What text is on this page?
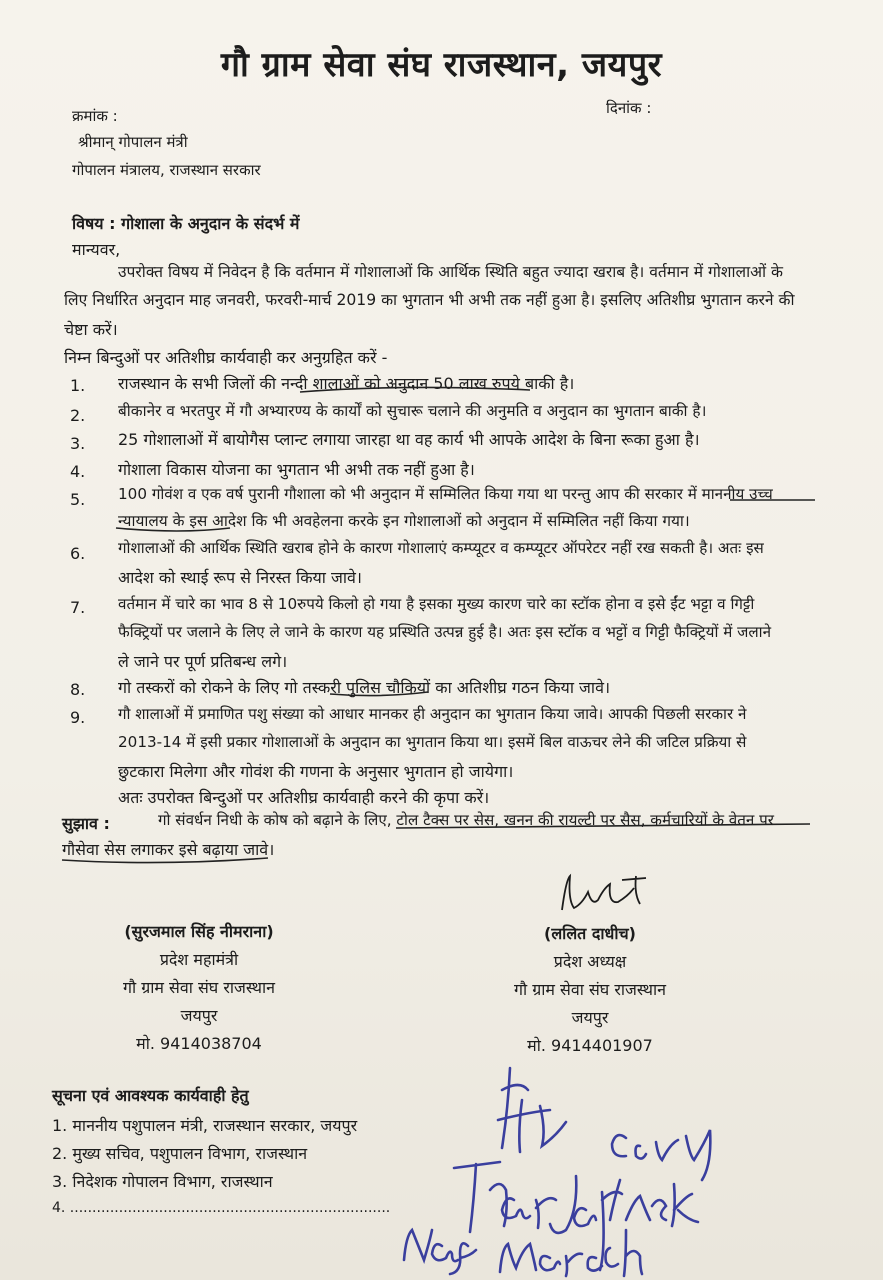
गौ ग्राम सेवा संघ राजस्थान, जयपुर
क्रमांक :	दिनांक :
श्रीमान् गोपालन मंत्री
गोपालन मंत्रालय, राजस्थान सरकार
विषय : गोशाला के अनुदान के संदर्भ में
मान्यवर,
उपरोक्त विषय में निवेदन है कि वर्तमान में गोशालाओं कि आर्थिक स्थिति बहुत ज्यादा खराब है। वर्तमान में गोशालाओं के
लिए निर्धारित अनुदान माह जनवरी, फरवरी-मार्च 2019 का भुगतान भी अभी तक नहीं हुआ है। इसलिए अतिशीघ्र भुगतान करने की
चेष्टा करें।
निम्न बिन्दुओं पर अतिशीघ्र कार्यवाही कर अनुग्रहित करें -
1. राजस्थान के सभी जिलों की नन्दी शालाओं को अनुदान 50 लाख रुपये बाकी है।
2. बीकानेर व भरतपुर में गौ अभ्यारण्य के कार्यों को सुचारू चलाने की अनुमति व अनुदान का भुगतान बाकी है।
3. 25 गोशालाओं में बायोगैस प्लान्ट लगाया जारहा था वह कार्य भी आपके आदेश के बिना रूका हुआ है।
4. गोशाला विकास योजना का भुगतान भी अभी तक नहीं हुआ है।
5. 100 गोवंश व एक वर्ष पुरानी गौशाला को भी अनुदान में सम्मिलित किया गया था परन्तु आप की सरकार में माननीय उच्च
न्यायालय के इस आदेश कि भी अवहेलना करके इन गोशालाओं को अनुदान में सम्मिलित नहीं किया गया।
6. गोशालाओं की आर्थिक स्थिति खराब होने के कारण गोशालाएं कम्प्यूटर व कम्प्यूटर ऑपरेटर नहीं रख सकती है। अतः इस
आदेश को स्थाई रूप से निरस्त किया जावे।
7. वर्तमान में चारे का भाव 8 से 10रुपये किलो हो गया है इसका मुख्य कारण चारे का स्टॉक होना व इसे ईंट भट्टा व गिट्टी
फैक्ट्रियों पर जलाने के लिए ले जाने के कारण यह प्रस्थिति उत्पन्न हुई है। अतः इस स्टॉक व भट्टों व गिट्टी फैक्ट्रियों में जलाने
ले जाने पर पूर्ण प्रतिबन्ध लगे।
8. गो तस्करों को रोकने के लिए गो तस्करी पुलिस चौकियों का अतिशीघ्र गठन किया जावे।
9. गौ शालाओं में प्रमाणित पशु संख्या को आधार मानकर ही अनुदान का भुगतान किया जावे। आपकी पिछली सरकार ने
2013-14 में इसी प्रकार गोशालाओं के अनुदान का भुगतान किया था। इसमें बिल वाऊचर लेने की जटिल प्रक्रिया से
छुटकारा मिलेगा और गोवंश की गणना के अनुसार भुगतान हो जायेगा।
अतः उपरोक्त बिन्दुओं पर अतिशीघ्र कार्यवाही करने की कृपा करें।
सुझाव :	गो संवर्धन निधी के कोष को बढ़ाने के लिए, टोल टैक्स पर सेस, खनन की रायल्टी पर सैस, कर्मचारियों के वेतन पर
गौसेवा सेस लगाकर इसे बढ़ाया जावे।
(सुरजमाल सिंह नीमराना)
प्रदेश महामंत्री
गौ ग्राम सेवा संघ राजस्थान
जयपुर
मो. 9414038704
(ललित दाधीच)
प्रदेश अध्यक्ष
गौ ग्राम सेवा संघ राजस्थान
जयपुर
मो. 9414401907
सूचना एवं आवश्यक कार्यवाही हेतु
1. माननीय पशुपालन मंत्री, राजस्थान सरकार, जयपुर
2. मुख्य सचिव, पशुपालन विभाग, राजस्थान
3. निदेशक गोपालन विभाग, राजस्थान
4. ........................................................................
